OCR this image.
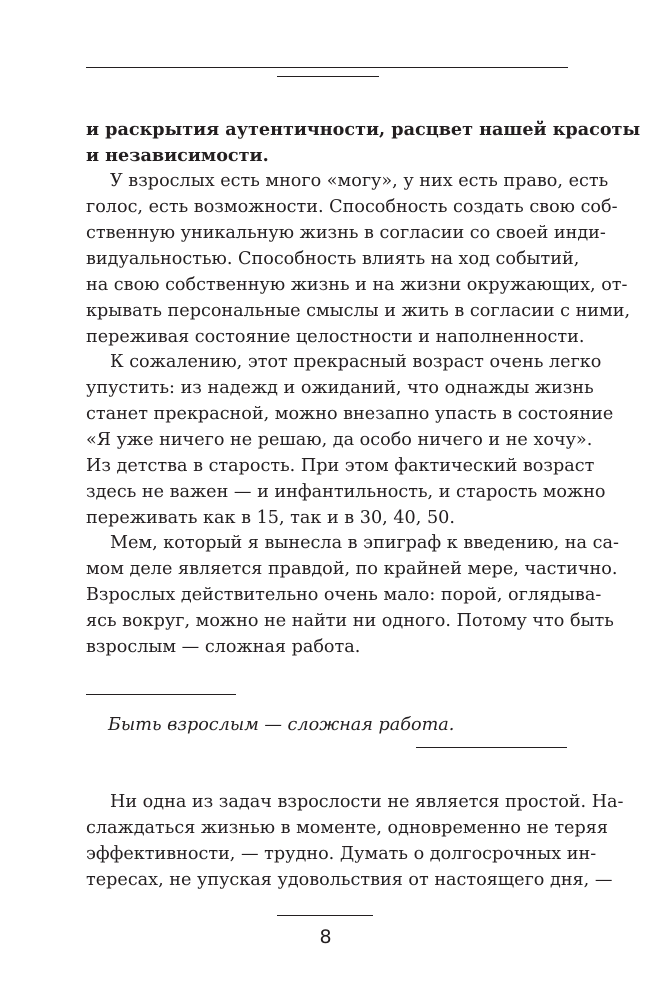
и раскрытия аутентичности, расцвет нашей красоты
и независимости.
У взрослых есть много «могу», у них есть право, есть
голос, есть возможности. Способность создать свою соб-
ственную уникальную жизнь в согласии со своей инди-
видуальностью. Способность влиять на ход событий,
на свою собственную жизнь и на жизни окружающих, от-
крывать персональные смыслы и жить в согласии с ними,
переживая состояние целостности и наполненности.
К сожалению, этот прекрасный возраст очень легко
упустить: из надежд и ожиданий, что однажды жизнь
станет прекрасной, можно внезапно упасть в состояние
«Я уже ничего не решаю, да особо ничего и не хочу».
Из детства в старость. При этом фактический возраст
здесь не важен — и инфантильность, и старость можно
переживать как в 15, так и в 30, 40, 50.
Мем, который я вынесла в эпиграф к введению, на са-
мом деле является правдой, по крайней мере, частично.
Взрослых действительно очень мало: порой, оглядыва-
ясь вокруг, можно не найти ни одного. Потому что быть
взрослым — сложная работа.
Быть взрослым — сложная работа.
Ни одна из задач взрослости не является простой. На-
слаждаться жизнью в моменте, одновременно не теряя
эффективности, — трудно. Думать о долгосрочных ин-
тересах, не упуская удовольствия от настоящего дня, —
8
